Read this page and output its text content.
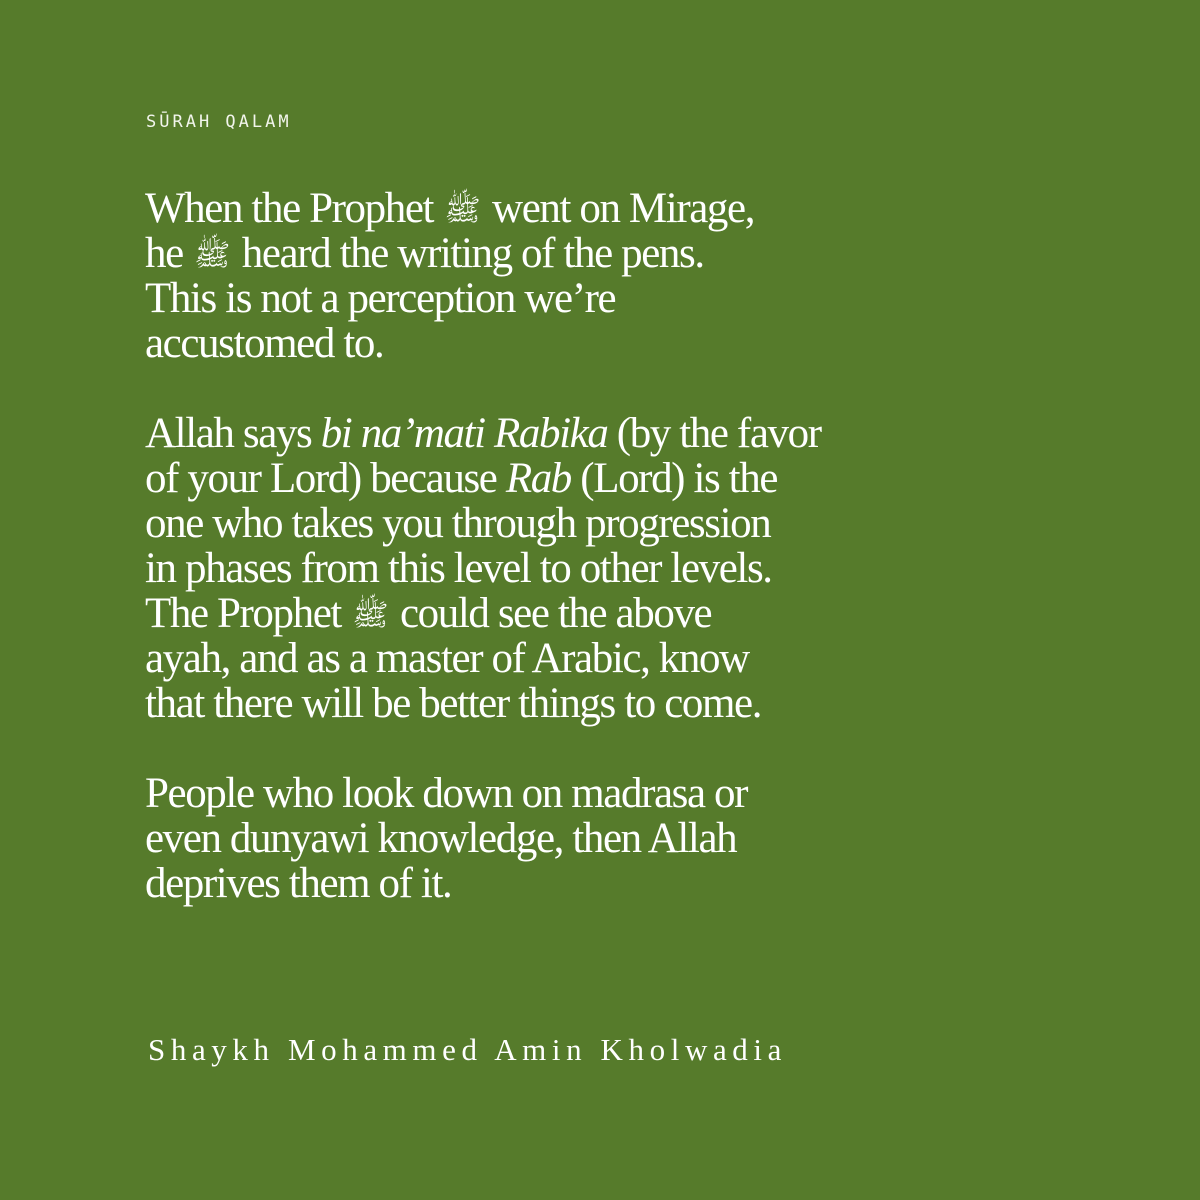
SŪRAH QALAM

When the Prophet ﷺ went on Mirage,
he ﷺ heard the writing of the pens.
This is not a perception we’re
accustomed to.

Allah says bi na’mati Rabika (by the favor
of your Lord) because Rab (Lord) is the
one who takes you through progression
in phases from this level to other levels.
The Prophet ﷺ could see the above
ayah, and as a master of Arabic, know
that there will be better things to come.

People who look down on madrasa or
even dunyawi knowledge, then Allah
deprives them of it.

Shaykh Mohammed Amin Kholwadia
